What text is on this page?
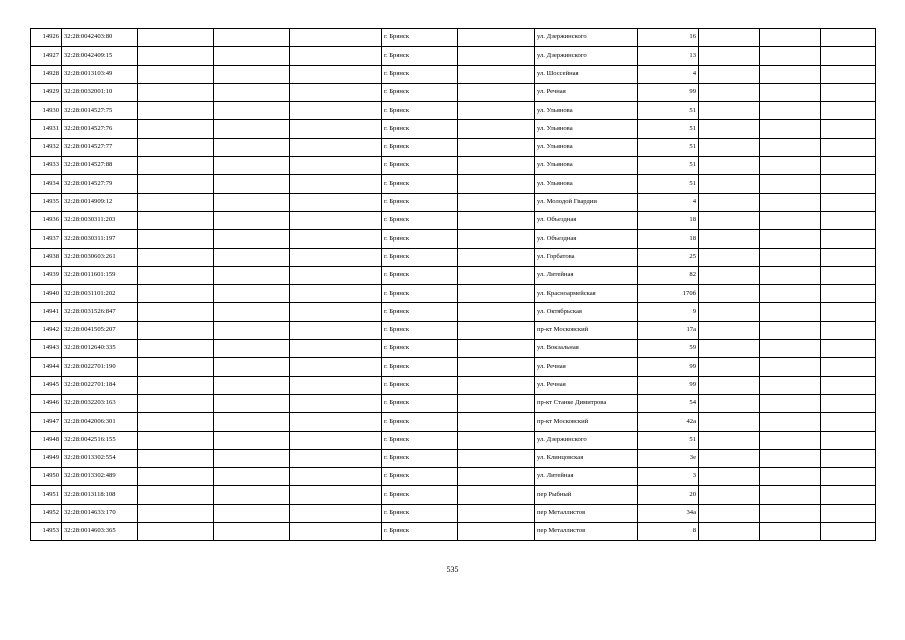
14926	32:28:0042403:80				г. Брянск		ул. Дзержинского	16			
14927	32:28:0042409:15				г. Брянск		ул. Дзержинского	13			
14928	32:28:0013103:49				г. Брянск		ул. Шоссейная	4			
14929	32:28:0032001:10				г. Брянск		ул. Речная	99			
14930	32:28:0014527:75				г. Брянск		ул. Ульянова	51			
14931	32:28:0014527:76				г. Брянск		ул. Ульянова	51			
14932	32:28:0014527:77				г. Брянск		ул. Ульянова	51			
14933	32:28:0014527:88				г. Брянск		ул. Ульянова	51			
14934	32:28:0014527:79				г. Брянск		ул. Ульянова	51			
14935	32:28:0014909:12				г. Брянск		ул. Молодой Гвардии	4			
14936	32:28:0030311:203				г. Брянск		ул. Объездная	18			
14937	32:28:0030311:197				г. Брянск		ул. Объездная	18			
14938	32:28:0030603:261				г. Брянск		ул. Горбатова	25			
14939	32:28:0011601:159				г. Брянск		ул. Литейная	82			
14940	32:28:0031101:202				г. Брянск		ул. Красноармейская	170б			
14941	32:28:0031526:847				г. Брянск		ул. Октябрьская	9			
14942	32:28:0041505:207				г. Брянск		пр-кт Московский	17а			
14943	32:28:0012640:335				г. Брянск		ул. Вокзальная	59			
14944	32:28:0022701:190				г. Брянск		ул. Речная	99			
14945	32:28:0022701:184				г. Брянск		ул. Речная	99			
14946	32:28:0032203:163				г. Брянск		пр-кт Станке Димитрова	54			
14947	32:28:0042006:301				г. Брянск		пр-кт Московский	42а			
14948	32:28:0042516:155				г. Брянск		ул. Дзержинского	51			
14949	32:28:0013302:554				г. Брянск		ул. Клинцовская	3е			
14950	32:28:0013302:489				г. Брянск		ул. Литейная	3			
14951	32:28:0013118:108				г. Брянск		пер Рыбный	20			
14952	32:28:0014633:170				г. Брянск		пер Металлистов	34а			
14953	32:28:0014603:365				г. Брянск		пер Металлистов	8			
535
